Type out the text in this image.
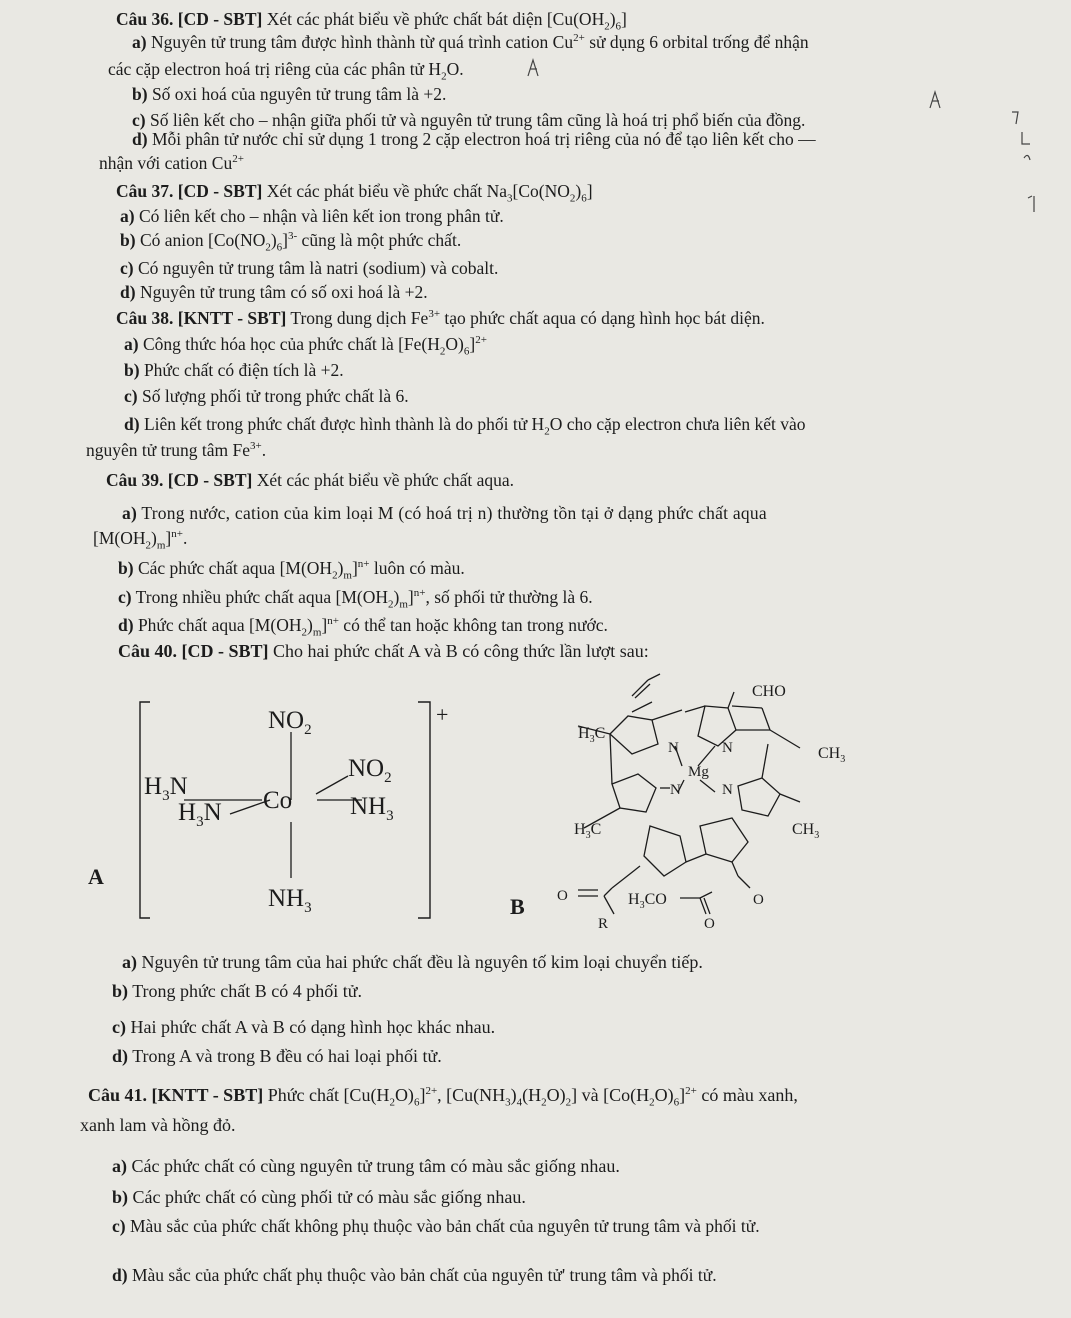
Câu 36. [CD - SBT] Xét các phát biểu về phức chất bát diện $[Cu(OH_2)_6]$
a) Nguyên tử trung tâm được hình thành từ quá trình cation $Cu^{2+}$ sử dụng 6 orbital trống để nhận
các cặp electron hoá trị riêng của các phân tử $H_2O$.
b) Số oxi hoá của nguyên tử trung tâm là +2.
c) Số liên kết cho – nhận giữa phối tử và nguyên tử trung tâm cũng là hoá trị phổ biến của đồng.
d) Mỗi phân tử nước chỉ sử dụng 1 trong 2 cặp electron hoá trị riêng của nó để tạo liên kết cho —
nhận với cation $Cu^{2+}$
Câu 37. [CD - SBT] Xét các phát biểu về phức chất $Na_3[Co(NO_2)_6]$
a) Có liên kết cho – nhận và liên kết ion trong phân tử.
b) Có anion $[Co(NO_2)_6]^{3-}$ cũng là một phức chất.
c) Có nguyên tử trung tâm là natri (sodium) và cobalt.
d) Nguyên tử trung tâm có số oxi hoá là +2.
Câu 38. [KNTT - SBT] Trong dung dịch $Fe^{3+}$ tạo phức chất aqua có dạng hình học bát diện.
a) Công thức hóa học của phức chất là $[Fe(H_2O)_6]^{2+}$
b) Phức chất có điện tích là +2.
c) Số lượng phối tử trong phức chất là 6.
d) Liên kết trong phức chất được hình thành là do phối tử $H_2O$ cho cặp electron chưa liên kết vào
nguyên tử trung tâm $Fe^{3+}$.
Câu 39. [CD - SBT] Xét các phát biểu về phức chất aqua.
a) Trong nước, cation của kim loại M (có hoá trị n) thường tồn tại ở dạng phức chất aqua
$[M(OH_2)_m]^{n+}$.
b) Các phức chất aqua $[M(OH_2)_m]^{n+}$ luôn có màu.
c) Trong nhiều phức chất aqua $[M(OH_2)_m]^{n+}$, số phối tử thường là 6.
d) Phức chất aqua $[M(OH_2)_m]^{n+}$ có thể tan hoặc không tan trong nước.
Câu 40. [CD - SBT] Cho hai phức chất A và B có công thức lần lượt sau:
+
$NO_2$
$NO_2$
Co $NH_3$
$H_3N$
$H_3N$
$NH_3$
A
CHO
$H_3C$
$CH_3$
N	N
Mg
N	N
$H_3C$	$CH_3$
O	$H_3CO$	O
O
R
B
a) Nguyên tử trung tâm của hai phức chất đều là nguyên tố kim loại chuyển tiếp.
b) Trong phức chất B có 4 phối tử.
c) Hai phức chất A và B có dạng hình học khác nhau.
d) Trong A và trong B đều có hai loại phối tử.
Câu 41. [KNTT - SBT] Phức chất $[Cu(H_2O)_6]^{2+}$, $[Cu(NH_3)_4(H_2O)_2]$ và $[Co(H_2O)_6]^{2+}$ có màu xanh,
xanh lam và hồng đỏ.
a) Các phức chất có cùng nguyên tử trung tâm có màu sắc giống nhau.
b) Các phức chất có cùng phối tử có màu sắc giống nhau.
c) Màu sắc của phức chất không phụ thuộc vào bản chất của nguyên tử trung tâm và phối tử.
d) Màu sắc của phức chất phụ thuộc vào bản chất của nguyên tử' trung tâm và phối tử.
